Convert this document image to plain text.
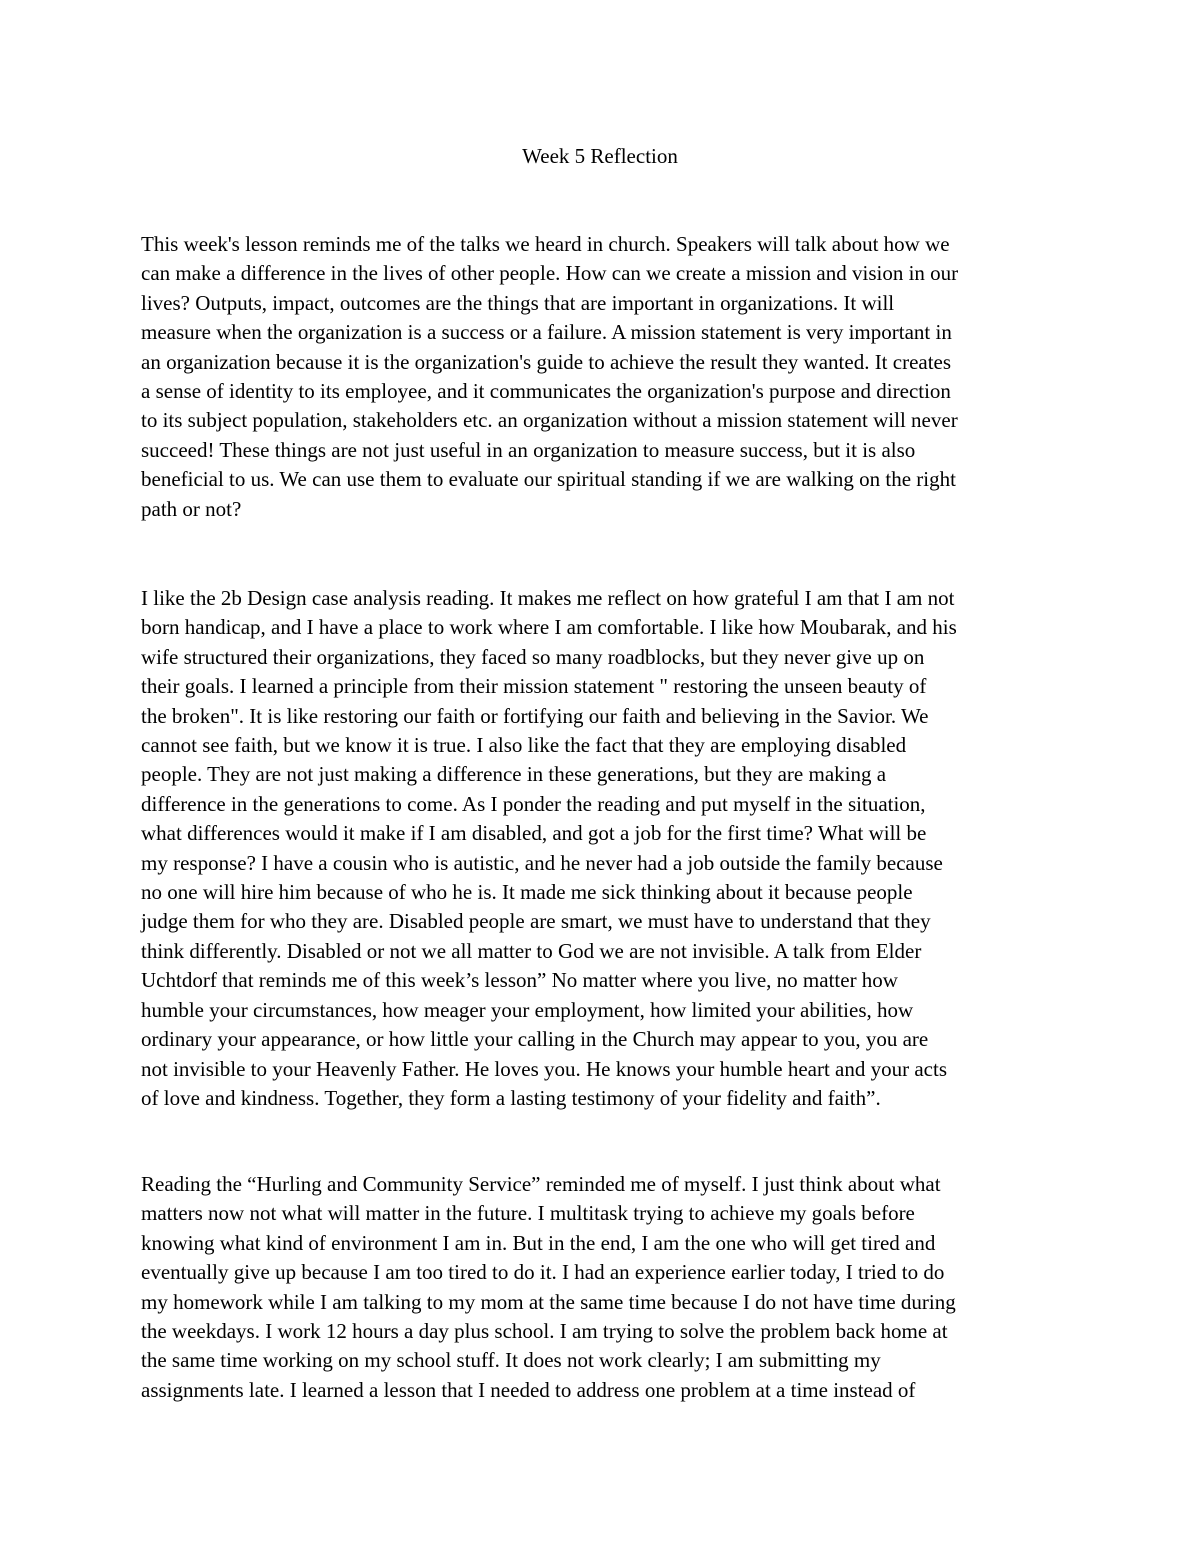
Week 5 Reflection

This week's lesson reminds me of the talks we heard in church. Speakers will talk about how we
can make a difference in the lives of other people. How can we create a mission and vision in our
lives? Outputs, impact, outcomes are the things that are important in organizations. It will
measure when the organization is a success or a failure. A mission statement is very important in
an organization because it is the organization's guide to achieve the result they wanted. It creates
a sense of identity to its employee, and it communicates the organization's purpose and direction
to its subject population, stakeholders etc. an organization without a mission statement will never
succeed! These things are not just useful in an organization to measure success, but it is also
beneficial to us. We can use them to evaluate our spiritual standing if we are walking on the right
path or not?

I like the 2b Design case analysis reading. It makes me reflect on how grateful I am that I am not
born handicap, and I have a place to work where I am comfortable. I like how Moubarak, and his
wife structured their organizations, they faced so many roadblocks, but they never give up on
their goals. I learned a principle from their mission statement " restoring the unseen beauty of
the broken". It is like restoring our faith or fortifying our faith and believing in the Savior. We
cannot see faith, but we know it is true. I also like the fact that they are employing disabled
people. They are not just making a difference in these generations, but they are making a
difference in the generations to come. As I ponder the reading and put myself in the situation,
what differences would it make if I am disabled, and got a job for the first time? What will be
my response? I have a cousin who is autistic, and he never had a job outside the family because
no one will hire him because of who he is. It made me sick thinking about it because people
judge them for who they are. Disabled people are smart, we must have to understand that they
think differently. Disabled or not we all matter to God we are not invisible. A talk from Elder
Uchtdorf that reminds me of this week’s lesson” No matter where you live, no matter how
humble your circumstances, how meager your employment, how limited your abilities, how
ordinary your appearance, or how little your calling in the Church may appear to you, you are
not invisible to your Heavenly Father. He loves you. He knows your humble heart and your acts
of love and kindness. Together, they form a lasting testimony of your fidelity and faith”.

Reading the “Hurling and Community Service” reminded me of myself. I just think about what
matters now not what will matter in the future. I multitask trying to achieve my goals before
knowing what kind of environment I am in. But in the end, I am the one who will get tired and
eventually give up because I am too tired to do it. I had an experience earlier today, I tried to do
my homework while I am talking to my mom at the same time because I do not have time during
the weekdays. I work 12 hours a day plus school. I am trying to solve the problem back home at
the same time working on my school stuff. It does not work clearly; I am submitting my
assignments late. I learned a lesson that I needed to address one problem at a time instead of
